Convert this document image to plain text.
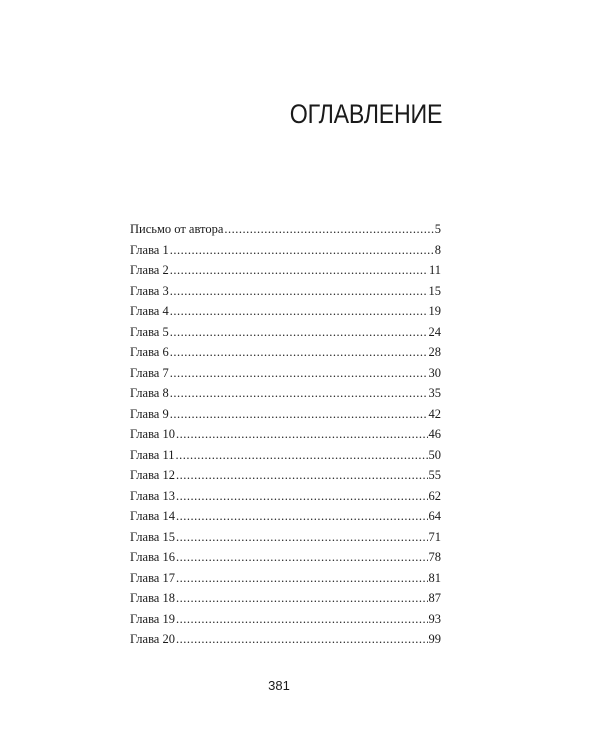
ОГЛАВЛЕНИЕ
Письмо от автора .....	5
Глава 1 .....	8
Глава 2 .....	11
Глава 3 .....	15
Глава 4 .....	19
Глава 5 .....	24
Глава 6 .....	28
Глава 7 .....	30
Глава 8 .....	35
Глава 9 .....	42
Глава 10 .....	46
Глава 11 .....	50
Глава 12 .....	55
Глава 13 .....	62
Глава 14 .....	64
Глава 15 .....	71
Глава 16 .....	78
Глава 17 .....	81
Глава 18 .....	87
Глава 19 .....	93
Глава 20 .....	99
381
